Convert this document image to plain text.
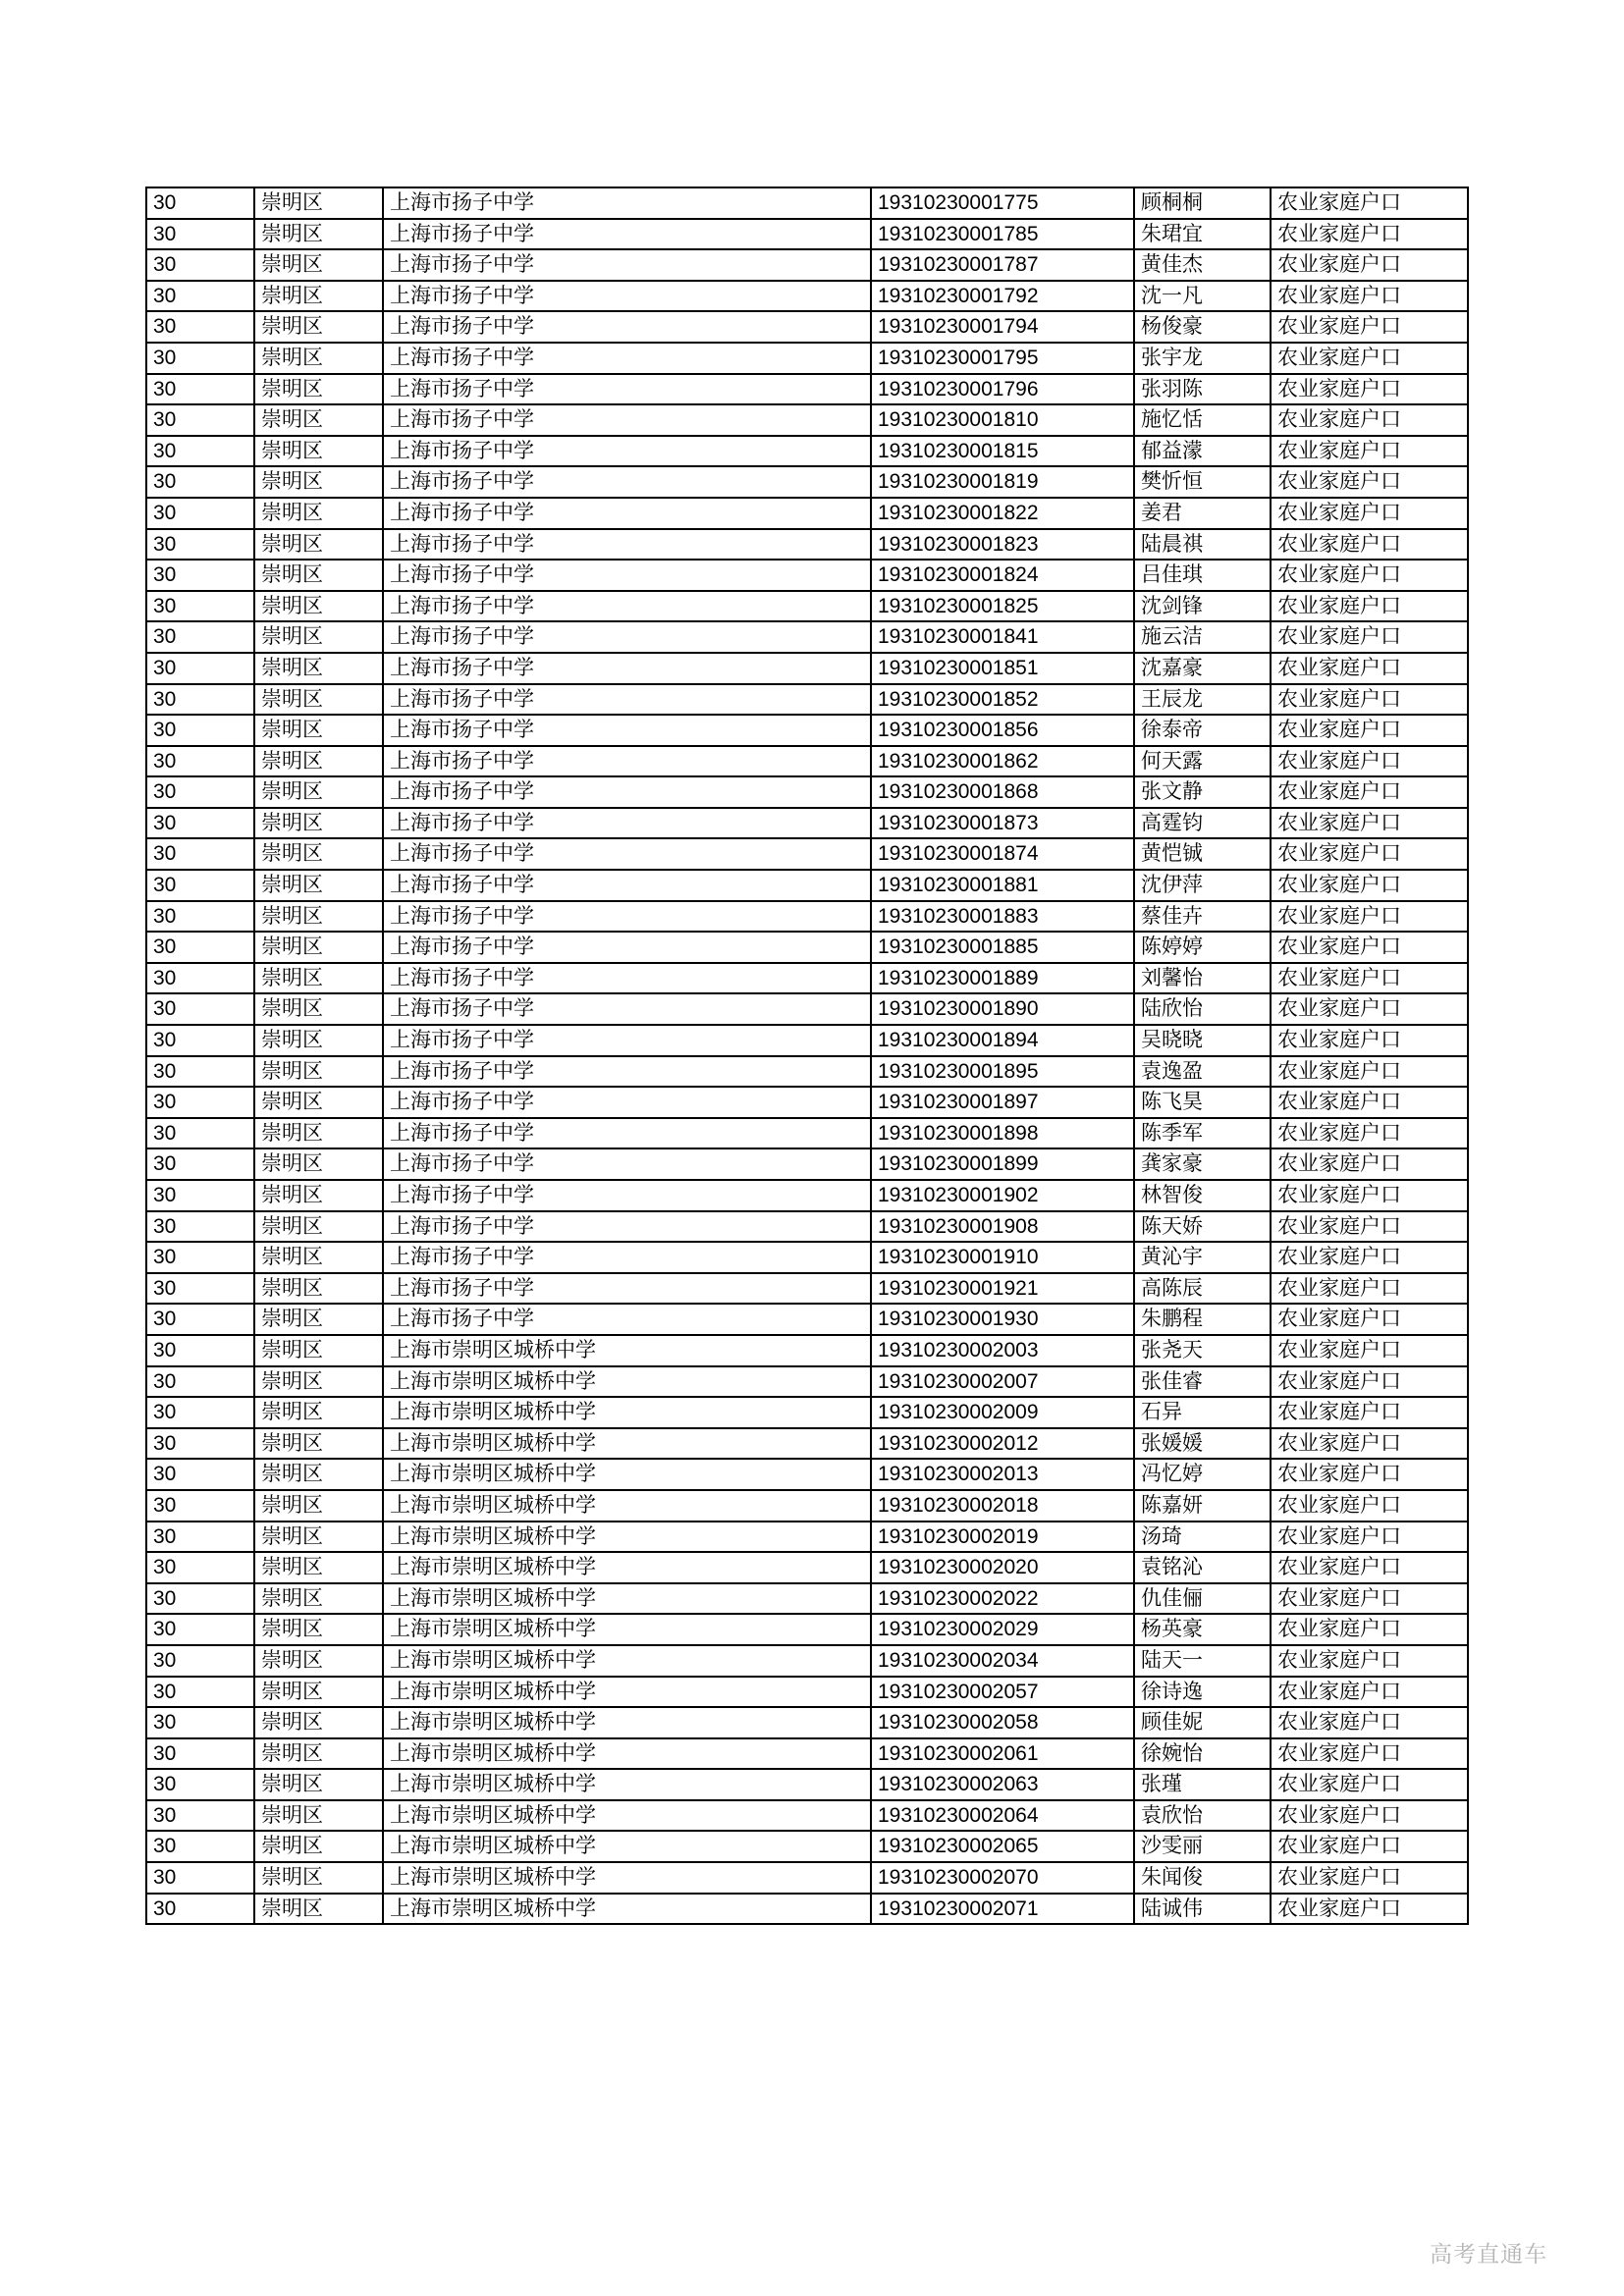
30	崇明区	上海市扬子中学	19310230001775	顾桐桐	农业家庭户口
30	崇明区	上海市扬子中学	19310230001785	朱珺宜	农业家庭户口
30	崇明区	上海市扬子中学	19310230001787	黄佳杰	农业家庭户口
30	崇明区	上海市扬子中学	19310230001792	沈一凡	农业家庭户口
30	崇明区	上海市扬子中学	19310230001794	杨俊豪	农业家庭户口
30	崇明区	上海市扬子中学	19310230001795	张宇龙	农业家庭户口
30	崇明区	上海市扬子中学	19310230001796	张羽陈	农业家庭户口
30	崇明区	上海市扬子中学	19310230001810	施忆恬	农业家庭户口
30	崇明区	上海市扬子中学	19310230001815	郁益濛	农业家庭户口
30	崇明区	上海市扬子中学	19310230001819	樊忻恒	农业家庭户口
30	崇明区	上海市扬子中学	19310230001822	姜君	农业家庭户口
30	崇明区	上海市扬子中学	19310230001823	陆晨祺	农业家庭户口
30	崇明区	上海市扬子中学	19310230001824	吕佳琪	农业家庭户口
30	崇明区	上海市扬子中学	19310230001825	沈剑锋	农业家庭户口
30	崇明区	上海市扬子中学	19310230001841	施云洁	农业家庭户口
30	崇明区	上海市扬子中学	19310230001851	沈嘉豪	农业家庭户口
30	崇明区	上海市扬子中学	19310230001852	王辰龙	农业家庭户口
30	崇明区	上海市扬子中学	19310230001856	徐泰帝	农业家庭户口
30	崇明区	上海市扬子中学	19310230001862	何天露	农业家庭户口
30	崇明区	上海市扬子中学	19310230001868	张文静	农业家庭户口
30	崇明区	上海市扬子中学	19310230001873	高霆钧	农业家庭户口
30	崇明区	上海市扬子中学	19310230001874	黄恺铖	农业家庭户口
30	崇明区	上海市扬子中学	19310230001881	沈伊萍	农业家庭户口
30	崇明区	上海市扬子中学	19310230001883	蔡佳卉	农业家庭户口
30	崇明区	上海市扬子中学	19310230001885	陈婷婷	农业家庭户口
30	崇明区	上海市扬子中学	19310230001889	刘馨怡	农业家庭户口
30	崇明区	上海市扬子中学	19310230001890	陆欣怡	农业家庭户口
30	崇明区	上海市扬子中学	19310230001894	吴晓晓	农业家庭户口
30	崇明区	上海市扬子中学	19310230001895	袁逸盈	农业家庭户口
30	崇明区	上海市扬子中学	19310230001897	陈飞昊	农业家庭户口
30	崇明区	上海市扬子中学	19310230001898	陈季军	农业家庭户口
30	崇明区	上海市扬子中学	19310230001899	龚家豪	农业家庭户口
30	崇明区	上海市扬子中学	19310230001902	林智俊	农业家庭户口
30	崇明区	上海市扬子中学	19310230001908	陈天娇	农业家庭户口
30	崇明区	上海市扬子中学	19310230001910	黄沁宇	农业家庭户口
30	崇明区	上海市扬子中学	19310230001921	高陈辰	农业家庭户口
30	崇明区	上海市扬子中学	19310230001930	朱鹏程	农业家庭户口
30	崇明区	上海市崇明区城桥中学	19310230002003	张尧天	农业家庭户口
30	崇明区	上海市崇明区城桥中学	19310230002007	张佳睿	农业家庭户口
30	崇明区	上海市崇明区城桥中学	19310230002009	石异	农业家庭户口
30	崇明区	上海市崇明区城桥中学	19310230002012	张媛媛	农业家庭户口
30	崇明区	上海市崇明区城桥中学	19310230002013	冯忆婷	农业家庭户口
30	崇明区	上海市崇明区城桥中学	19310230002018	陈嘉妍	农业家庭户口
30	崇明区	上海市崇明区城桥中学	19310230002019	汤琦	农业家庭户口
30	崇明区	上海市崇明区城桥中学	19310230002020	袁铭沁	农业家庭户口
30	崇明区	上海市崇明区城桥中学	19310230002022	仇佳俪	农业家庭户口
30	崇明区	上海市崇明区城桥中学	19310230002029	杨英豪	农业家庭户口
30	崇明区	上海市崇明区城桥中学	19310230002034	陆天一	农业家庭户口
30	崇明区	上海市崇明区城桥中学	19310230002057	徐诗逸	农业家庭户口
30	崇明区	上海市崇明区城桥中学	19310230002058	顾佳妮	农业家庭户口
30	崇明区	上海市崇明区城桥中学	19310230002061	徐婉怡	农业家庭户口
30	崇明区	上海市崇明区城桥中学	19310230002063	张瑾	农业家庭户口
30	崇明区	上海市崇明区城桥中学	19310230002064	袁欣怡	农业家庭户口
30	崇明区	上海市崇明区城桥中学	19310230002065	沙雯丽	农业家庭户口
30	崇明区	上海市崇明区城桥中学	19310230002070	朱闻俊	农业家庭户口
30	崇明区	上海市崇明区城桥中学	19310230002071	陆诚伟	农业家庭户口
高考直通车
